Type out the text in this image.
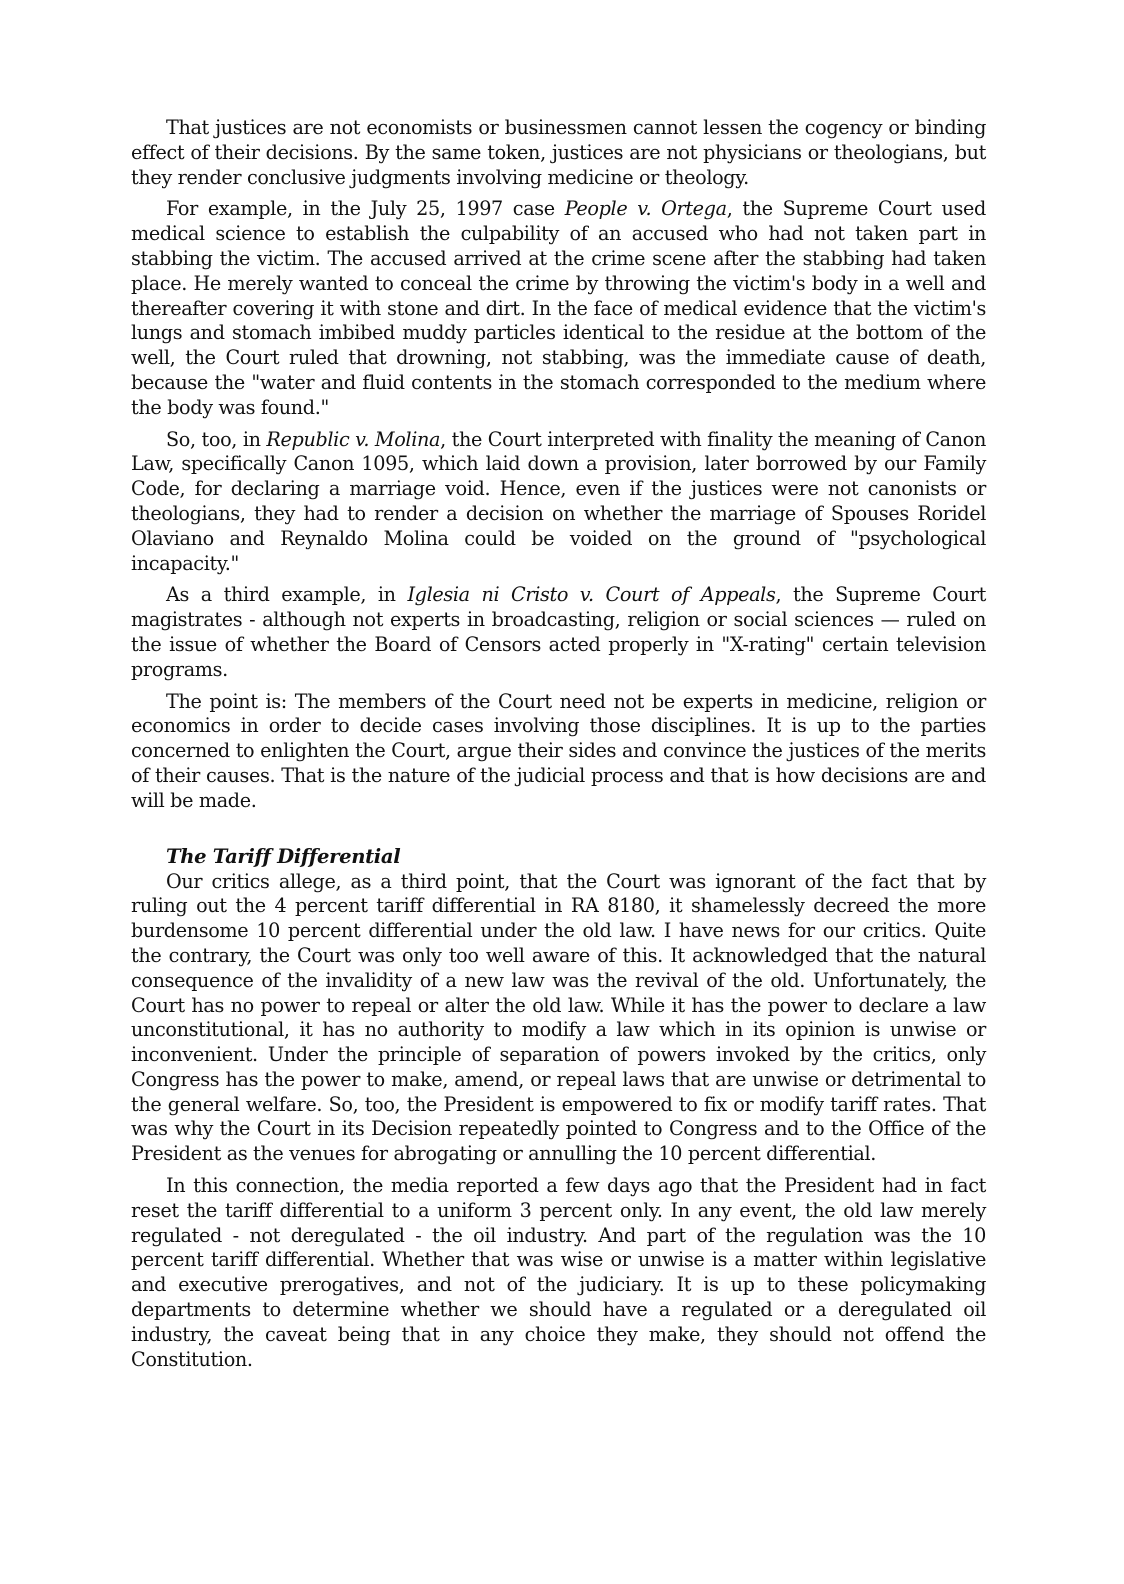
That justices are not economists or businessmen cannot lessen the cogency or binding effect of their decisions. By the same token, justices are not physicians or theologians, but they render conclusive judgments involving medicine or theology.

For example, in the July 25, 1997 case People v. Ortega, the Supreme Court used medical science to establish the culpability of an accused who had not taken part in stabbing the victim. The accused arrived at the crime scene after the stabbing had taken place. He merely wanted to conceal the crime by throwing the victim's body in a well and thereafter covering it with stone and dirt. In the face of medical evidence that the victim's lungs and stomach imbibed muddy particles identical to the residue at the bottom of the well, the Court ruled that drowning, not stabbing, was the immediate cause of death, because the "water and fluid contents in the stomach corresponded to the medium where the body was found."

So, too, in Republic v. Molina, the Court interpreted with finality the meaning of Canon Law, specifically Canon 1095, which laid down a provision, later borrowed by our Family Code, for declaring a marriage void. Hence, even if the justices were not canonists or theologians, they had to render a decision on whether the marriage of Spouses Roridel Olaviano and Reynaldo Molina could be voided on the ground of "psychological incapacity."

As a third example, in Iglesia ni Cristo v. Court of Appeals, the Supreme Court magistrates - although not experts in broadcasting, religion or social sciences — ruled on the issue of whether the Board of Censors acted properly in "X-rating" certain television programs.

The point is: The members of the Court need not be experts in medicine, religion or economics in order to decide cases involving those disciplines. It is up to the parties concerned to enlighten the Court, argue their sides and convince the justices of the merits of their causes. That is the nature of the judicial process and that is how decisions are and will be made.

The Tariff Differential

Our critics allege, as a third point, that the Court was ignorant of the fact that by ruling out the 4 percent tariff differential in RA 8180, it shamelessly decreed the more burdensome 10 percent differential under the old law. I have news for our critics. Quite the contrary, the Court was only too well aware of this. It acknowledged that the natural consequence of the invalidity of a new law was the revival of the old. Unfortunately, the Court has no power to repeal or alter the old law. While it has the power to declare a law unconstitutional, it has no authority to modify a law which in its opinion is unwise or inconvenient. Under the principle of separation of powers invoked by the critics, only Congress has the power to make, amend, or repeal laws that are unwise or detrimental to the general welfare. So, too, the President is empowered to fix or modify tariff rates. That was why the Court in its Decision repeatedly pointed to Congress and to the Office of the President as the venues for abrogating or annulling the 10 percent differential.

In this connection, the media reported a few days ago that the President had in fact reset the tariff differential to a uniform 3 percent only. In any event, the old law merely regulated - not deregulated - the oil industry. And part of the regulation was the 10 percent tariff differential. Whether that was wise or unwise is a matter within legislative and executive prerogatives, and not of the judiciary. It is up to these policymaking departments to determine whether we should have a regulated or a deregulated oil industry, the caveat being that in any choice they make, they should not offend the Constitution.
